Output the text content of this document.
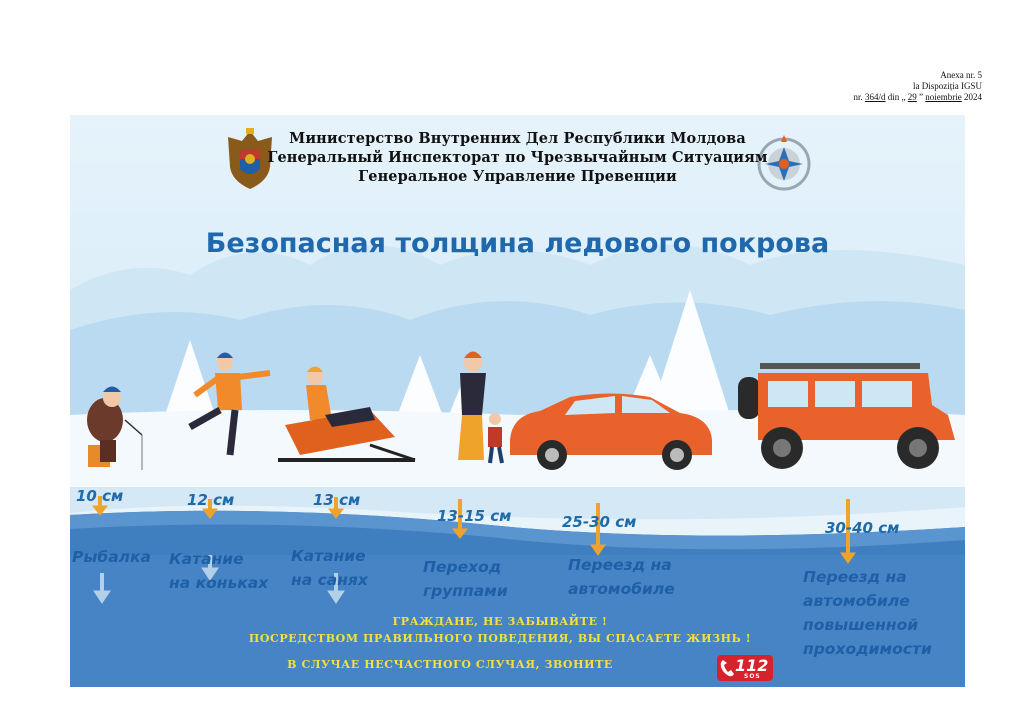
Anexa nr. 5
la Dispoziția IGSU
nr. 364/d din „ 29 ” noiembrie 2024
Министерство Внутренних Дел Республики Молдова
Генеральный Инспекторат по Чрезвычайным Ситуациям
Генеральное Управление Превенции
Безопасная толщина ледового покрова
10 см	12 см	13 см
13-15 см	25-30 см	30-40 см
Рыбалка Катание
на коньках
Катание
на санях
Переход
группами
Переезд на
автомобиле
Переезд на
автомобиле
повышенной
проходимости
ГРАЖДАНЕ, НЕ ЗАБЫВАЙТЕ !
ПОСРЕДСТВОМ ПРАВИЛЬНОГО ПОВЕДЕНИЯ, ВЫ СПАСАЕТЕ ЖИЗНЬ !
В СЛУЧАЕ НЕСЧАСТНОГО СЛУЧАЯ, ЗВОНИТЕ	112
SOS
